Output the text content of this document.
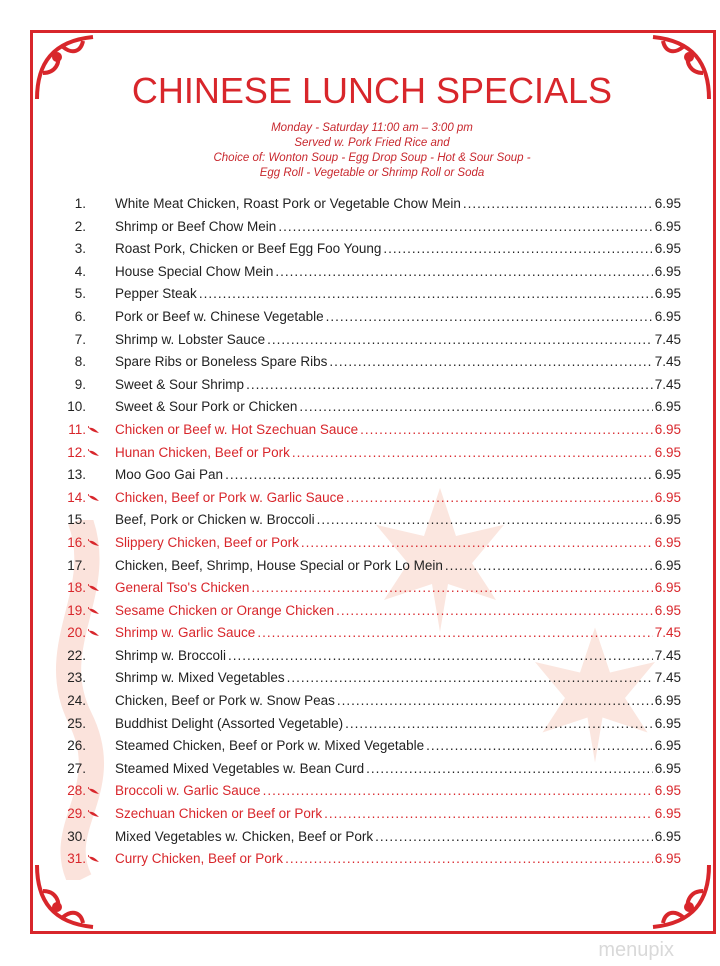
CHINESE LUNCH SPECIALS
Monday - Saturday 11:00 am – 3:00 pm
Served w. Pork Fried Rice and
Choice of: Wonton Soup - Egg Drop Soup - Hot & Sour Soup -
Egg Roll - Vegetable or Shrimp Roll or Soda
1. White Meat Chicken, Roast Pork or Vegetable Chow Mein .....	6.95
2. Shrimp or Beef Chow Mein .....	6.95
3. Roast Pork, Chicken or Beef Egg Foo Young .....	6.95
4. House Special Chow Mein .....	6.95
5. Pepper Steak .....	6.95
6. Pork or Beef w. Chinese Vegetable .....	6.95
7. Shrimp w. Lobster Sauce .....	7.45
8. Spare Ribs or Boneless Spare Ribs .....	7.45
9. Sweet & Sour Shrimp .....	7.45
10. Sweet & Sour Pork or Chicken .....	6.95
11. Chicken or Beef w. Hot Szechuan Sauce .....	6.95
12. Hunan Chicken, Beef or Pork .....	6.95
13. Moo Goo Gai Pan .....	6.95
14. Chicken, Beef or Pork w. Garlic Sauce .....	6.95
15. Beef, Pork or Chicken w. Broccoli .....	6.95
16. Slippery Chicken, Beef or Pork .....	6.95
17. Chicken, Beef, Shrimp, House Special or Pork Lo Mein .....	6.95
18. General Tso's Chicken .....	6.95
19. Sesame Chicken or Orange Chicken .....	6.95
20. Shrimp w. Garlic Sauce .....	7.45
22. Shrimp w. Broccoli .....	7.45
23. Shrimp w. Mixed Vegetables .....	7.45
24. Chicken, Beef or Pork w. Snow Peas .....	6.95
25. Buddhist Delight (Assorted Vegetable) .....	6.95
26. Steamed Chicken, Beef or Pork w. Mixed Vegetable .....	6.95
27. Steamed Mixed Vegetables w. Bean Curd .....	6.95
28. Broccoli w. Garlic Sauce .....	6.95
29. Szechuan Chicken or Beef or Pork .....	6.95
30. Mixed Vegetables w. Chicken, Beef or Pork .....	6.95
31. Curry Chicken, Beef or Pork .....	6.95
menupix
